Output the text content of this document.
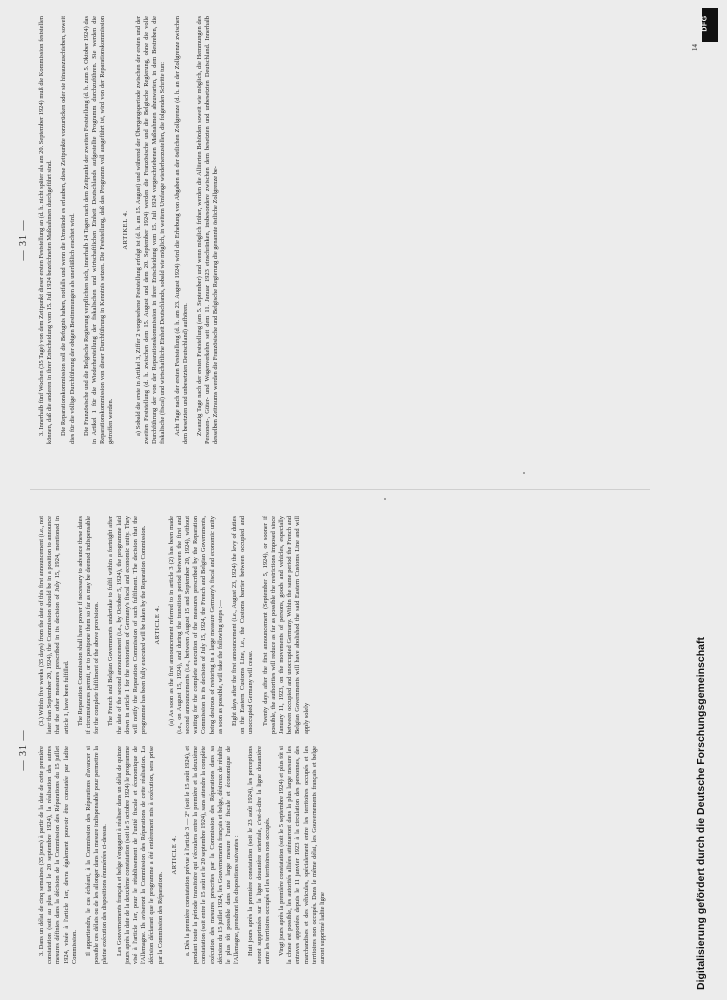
— 31 — 3. Dans un délai de cinq semaines (35 jours) à partir de la date de cette première constatation (soit au plus tard le 20 septembre 1924), la réalisation des autres mesures définies dans la décision de la Commission des Réparations du 15 juillet 1924, visée à l'article 1er, devra également pouvoir être constatée par ladite Commission. Il appartiendra, le cas échéant, à la Commission des Réparations d'avancer si possible ces délais ou de les allonger dans la mesure indispensable pour permettre la pleine exécution des dispositions énumérées ci-dessus. Les Gouvernements français et belge s'engagent à réaliser dans un délai de quinze jours après la date de la deuxième constatation (soit le 5 octobre 1924) le programme visé à l'article 1er, pour le rétablissement de l'unité fiscale et économique de l'Allemagne. Ils aviseront la Commission des Réparations de cette réalisation. La décision déclarant que le programme a été entièrement mis à exécution, sera prise par la Commission des Réparations.

ARTICLE 4. a. Dès la première constatation prévue à l'article 3 — 2° (soit le 15 août 1924), et pendant toute la période transitoire qui s'écoulera entre la première et la deuxième constatation (soit entre le 15 août et le 20 septembre 1924), sans attendre la complète exécution des mesures prescrites par la Commission des Réparations dans sa décision du 15 juillet 1924, les Gouvernements français et belge, désireux de rétablir le plus tôt possible dans une large mesure l'unité fiscale et économique de l'Allemagne, prendront les dispositions suivantes : Huit jours après la première constatation (soit le 23 août 1924), les perceptions seront supprimées sur la ligne douanière orientale, c'est-à-dire la ligne douanière entre les territoires occupés et les territoires non occupés. Vingt jours après la première constatation (soit le 5 septembre 1924) et plus tôt si la chose est possible, les autorités alliées atténueront dans la plus large mesure les entraves apportées depuis le 11 janvier 1923 à la circulation des personnes, des marchandises et des véhicules, spécialement entre les territoires occupés et les territoires non occupés. Dans le même délai, les Gouvernements français et belge auront supprimé ladite ligne

(3.) Within five weeks (35 days) from the date of this first announcement (i.e., not later than September 20, 1924), the Commission should be in a position to announce that the other measures prescribed in its decision of July 15, 1924, mentioned in article 1, have been fulfilled. The Reparation Commission shall have power if necessary to advance these dates if circumstances permit, or to postpone them so far as may be deemed indispensable for the complete fulfilment of the above provisions. The French and Belgian Governments undertake to fulfil within a fortnight after the date of the second announcement (i.e., by October 5, 1924), the programme laid down in article 1 for the restoration of Germany's fiscal and economic unity. They will notify the Reparation Commission of such fulfilment. The decision that the programme has been fully executed will be taken by the Reparation Commission. ARTICLE 4. (a) As soon as the first announcement referred to in article 3 (2) has been made (i.e., on August 15, 1924), and during the transition period between the first and second announcements (i.e., between August 15 and September 20, 1924), without waiting for the complete execution of the measures prescribed by the Reparation Commission in its decision of July 15, 1924, the French and Belgian Governments, being desirous of restoring in a large measure Germany's fiscal and economic unity as soon as possible, will take the following steps :— Eight days after the first announcement (i.e., August 23, 1924) the levy of duties on the Eastern Customs Line, i.e., the Customs barrier between occupied and unoccupied Germany will cease. Twenty days after the first announcement (September 5, 1924), or sooner if possible, the authorities will reduce as far as possible the restrictions imposed since January 11, 1923, on the movements of persons, goods and vehicles, especially between occupied and unoccupied Germany. Within the same period the French and Belgian Governments will have abolished the said Eastern Customs Line and will apply solely

— 31 — 3. Innerhalb fünf Wochen (35 Tage) von dem Zeitpunkt dieser ersten Feststellung an (d. h. nicht später als am 20. September 1924) muß die Kommission feststellen können, daß die anderen in ihrer Entscheidung vom 15. Juli 1924 bezeichneten Maßnahmen durchgeführt sind. Die Reparationskommission soll die Befugnis haben, notfalls und wenn die Umstände es erlauben, diese Zeitpunkte vorzurücken oder sie hinauszuschieben, soweit dies für die völlige Durchführung der obigen Bestimmungen als unerläßlich erachtet wird. Die Französische und die Belgische Regierung verpflichten sich, innerhalb 14 Tagen nach dem Zeitpunkt der zweiten Feststellung (d. h. zum 5. Oktober 1924) das in Artikel 1 für die Wiederherstellung der fiskalischen und wirtschaftlichen Einheit Deutschlands aufgestellte Programm durchzuführen. Sie werden die Reparationskommission von dieser Durchführung in Kenntnis setzen. Die Feststellung, daß das Programm voll ausgeführt ist, wird von der Reparationskommission getroffen werden.

ARTIKEL 4. a) Sobald die erste in Artikel 3, Ziffer 2 vorgesehene Feststellung erfolgt ist (d. h. am 15. August) und während der Übergangsperiode zwischen der ersten und der zweiten Feststellung (d. h. zwischen dem 15. August und dem 20. September 1924) werden die Französische und die Belgische Regierung, ohne die volle Durchführung der von der Reparationskommission in ihrer Entscheidung vom 15. Juli 1924 vorgeschriebenen Maßnahmen abzuwarten, in dem Bestreben, die fiskalische (fiscal) und wirtschaftliche Einheit Deutschlands, sobald wie möglich, in weitem Umfange wiederherzustellen, die folgenden Schritte tun: Acht Tage nach der ersten Feststellung (d. h. am 23. August 1924) wird die Erhebung von Abgaben an der östlichen Zollgrenze (d. h. an der Zollgrenze zwischen dem besetzten und unbesetzten Deutschland) aufhören. Zwanzig Tage nach der ersten Feststellung (am 5. September) und wenn möglich früher, werden die Alliierten Behörden soweit wie möglich, die Hemmungen des Personen-, Güter- und Wagenverkehrs seit dem 11. Januar 1923 einschränken, insbesondere zwischen dem besetzten und unbesetzten Deutschland. Innerhalb desselben Zeitraums werden die Französische und Belgische Regierung die genannte östliche Zollgrenze be-

14
Digitalisierung gefördert durch die Deutsche Forschungsgemeinschaft
DFG
